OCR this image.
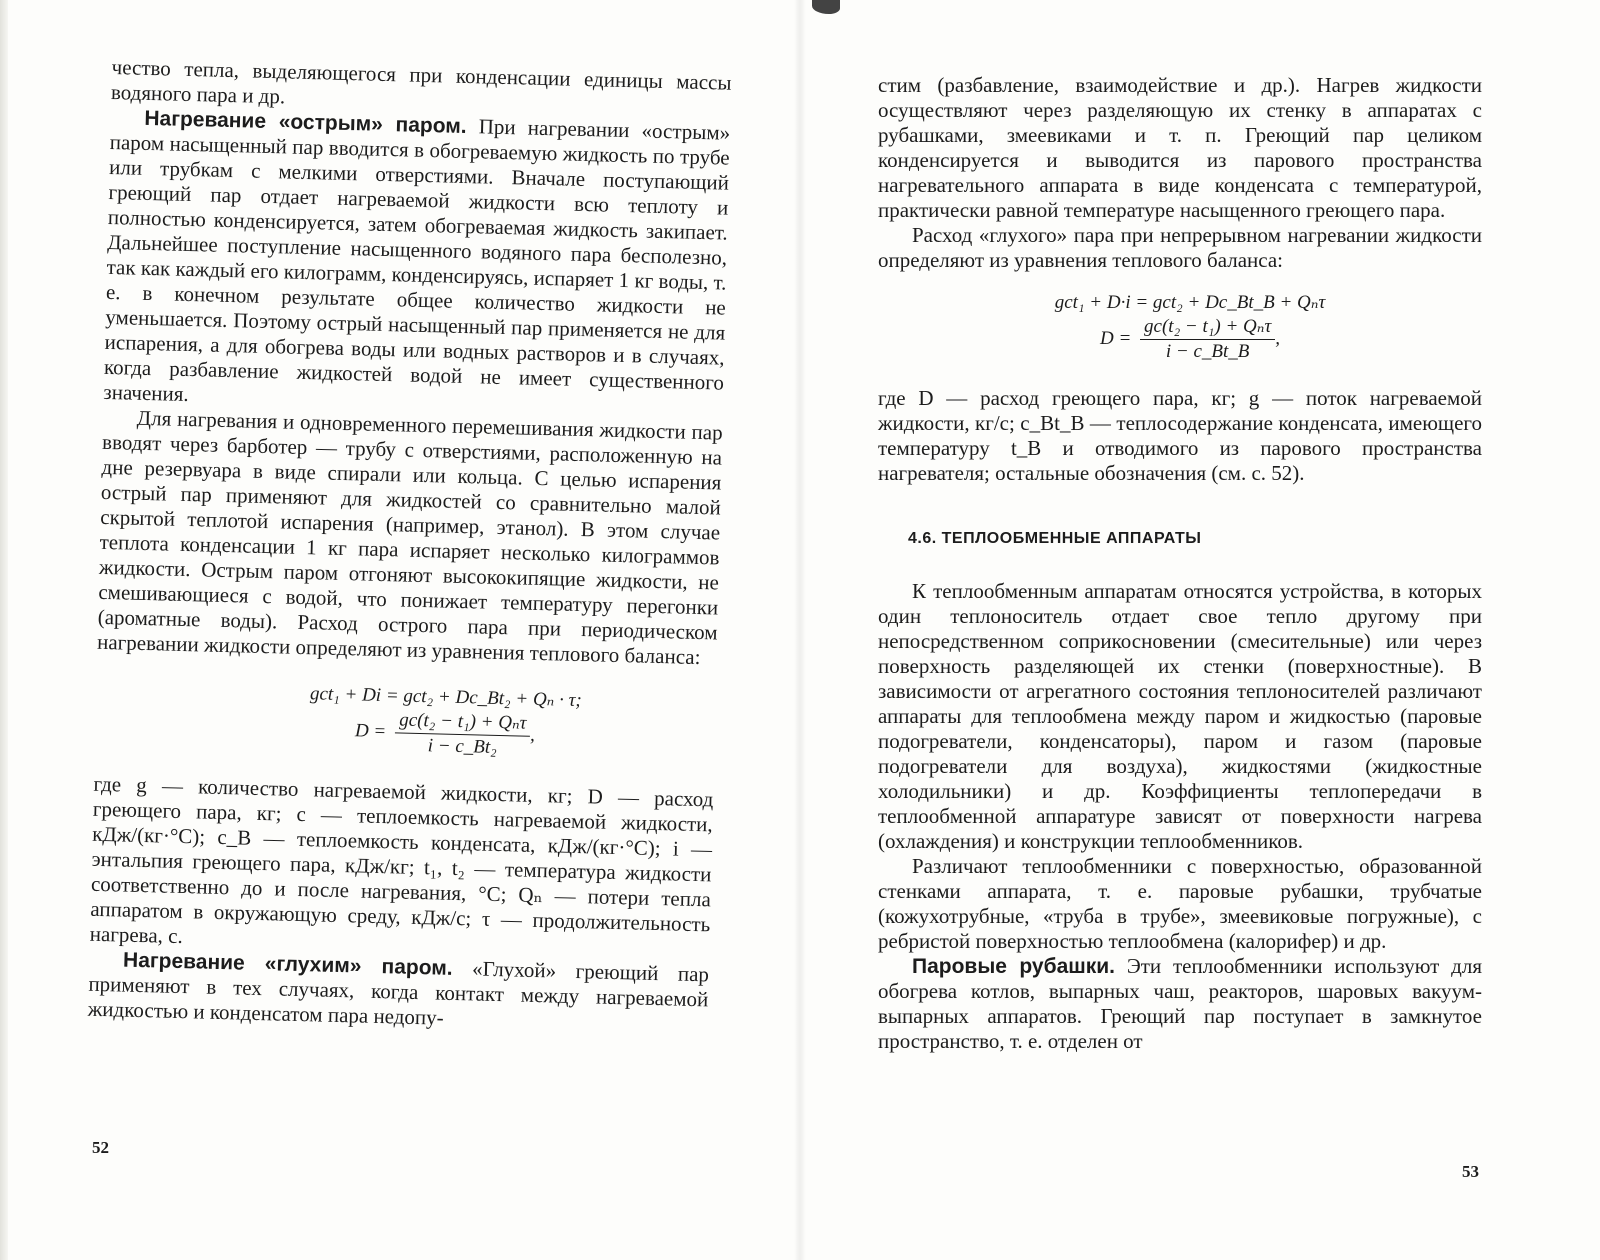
чество тепла, выделяющегося при конденсации единицы массы водяного пара и др.

Нагревание «острым» паром. При нагревании «острым» паром насыщенный пар вводится в обогреваемую жидкость по трубе или трубкам с мелкими отверстиями. Вначале поступающий греющий пар отдает нагреваемой жидкости всю теплоту и полностью конденсируется, затем обогреваемая жидкость закипает. Дальнейшее поступление насыщенного водяного пара бесполезно, так как каждый его килограмм, конденсируясь, испаряет 1 кг воды, т. е. в конечном результате общее количество жидкости не уменьшается. Поэтому острый насыщенный пар применяется не для испарения, а для обогрева воды или водных растворов и в случаях, когда разбавление жидкостей водой не имеет существенного значения.

Для нагревания и одновременного перемешивания жидкости пар вводят через барботер — трубу с отверстиями, расположенную на дне резервуара в виде спирали или кольца. С целью испарения острый пар применяют для жидкостей со сравнительно малой скрытой теплотой испарения (например, этанол). В этом случае теплота конденсации 1 кг пара испаряет несколько килограммов жидкости. Острым паром отгоняют высококипящие жидкости, не смешивающиеся с водой, что понижает температуру перегонки (ароматные воды). Расход острого пара при периодическом нагревании жидкости определяют из уравнения теплового баланса:

gct₁ + Di = gct₂ + Dc_Bt₂ + Qₙ · τ;
$D = \frac{\text{gc(t₂ − t₁) + Qₙτ}}{\text{i − c\_Bt₂}}$ ,

где g — количество нагреваемой жидкости, кг; D — расход греющего пара, кг; c — теплоемкость нагреваемой жидкости, кДж/(кг·°С); c_B — теплоемкость конденсата, кДж/(кг·°С); i — энтальпия греющего пара, кДж/кг; t₁, t₂ — температура жидкости соответственно до и после нагревания, °С; Qₙ — потери тепла аппаратом в окружающую среду, кДж/с; τ — продолжительность нагрева, с.

Нагревание «глухим» паром. «Глухой» греющий пар применяют в тех случаях, когда контакт между нагреваемой жидкостью и конденсатом пара недопу-

52

стим (разбавление, взаимодействие и др.). Нагрев жидкости осуществляют через разделяющую их стенку в аппаратах с рубашками, змеевиками и т. п. Греющий пар целиком конденсируется и выводится из парового пространства нагревательного аппарата в виде конденсата с температурой, практически равной температуре насыщенного греющего пара.

Расход «глухого» пара при непрерывном нагревании жидкости определяют из уравнения теплового баланса:

gct₁ + D·i = gct₂ + Dc_Bt_B + Qₙτ
$D = \frac{\text{gc(t₂ − t₁) + Qₙτ}}{i - c\_Bt\_B}$ ,

где D — расход греющего пара, кг; g — поток нагреваемой жидкости, кг/с; c_Bt_B — теплосодержание конденсата, имеющего температуру t_B и отводимого из парового пространства нагревателя; остальные обозначения (см. с. 52).

4.6. ТЕПЛООБМЕННЫЕ АППАРАТЫ

К теплообменным аппаратам относятся устройства, в которых один теплоноситель отдает свое тепло другому при непосредственном соприкосновении (смесительные) или через поверхность разделяющей их стенки (поверхностные). В зависимости от агрегатного состояния теплоносителей различают аппараты для теплообмена между паром и жидкостью (паровые подогреватели, конденсаторы), паром и газом (паровые подогреватели для воздуха), жидкостями (жидкостные холодильники) и др. Коэффициенты теплопередачи в теплообменной аппаратуре зависят от поверхности нагрева (охлаждения) и конструкции теплообменников.

Различают теплообменники с поверхностью, образованной стенками аппарата, т. е. паровые рубашки, трубчатые (кожухотрубные, «труба в трубе», змеевиковые погружные), с ребристой поверхностью теплообмена (калорифер) и др.

Паровые рубашки. Эти теплообменники используют для обогрева котлов, выпарных чаш, реакторов, шаровых вакуум-выпарных аппаратов. Греющий пар поступает в замкнутое пространство, т. е. отделен от

53
